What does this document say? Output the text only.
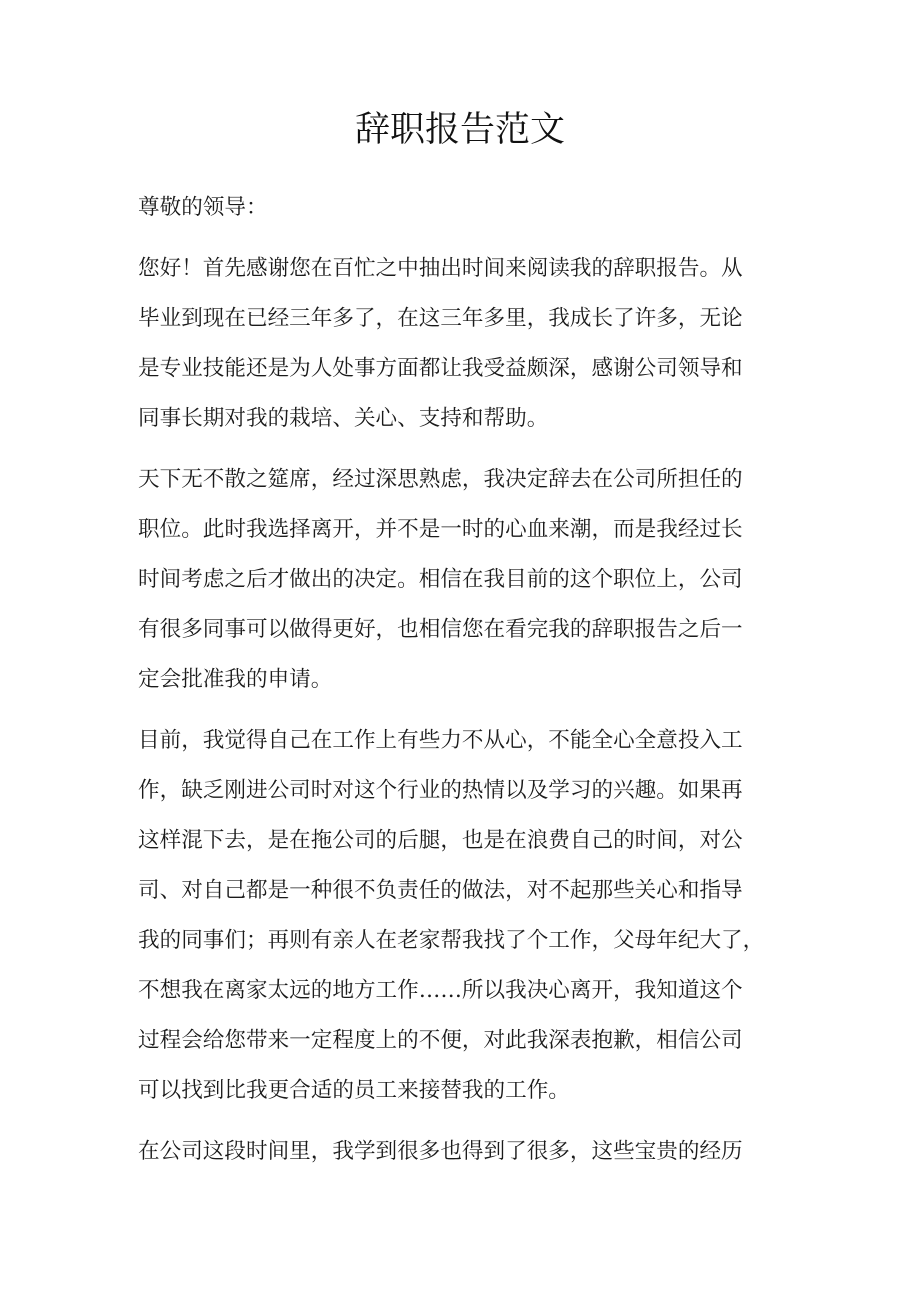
辞职报告范文

尊敬的领导：

您好！首先感谢您在百忙之中抽出时间来阅读我的辞职报告。从
毕业到现在已经三年多了，在这三年多里，我成长了许多，无论
是专业技能还是为人处事方面都让我受益颇深，感谢公司领导和
同事长期对我的栽培、关心、支持和帮助。

天下无不散之筵席，经过深思熟虑，我决定辞去在公司所担任的
职位。此时我选择离开，并不是一时的心血来潮，而是我经过长
时间考虑之后才做出的决定。相信在我目前的这个职位上，公司
有很多同事可以做得更好，也相信您在看完我的辞职报告之后一
定会批准我的申请。

目前，我觉得自己在工作上有些力不从心，不能全心全意投入工
作，缺乏刚进公司时对这个行业的热情以及学习的兴趣。如果再
这样混下去，是在拖公司的后腿，也是在浪费自己的时间，对公
司、对自己都是一种很不负责任的做法，对不起那些关心和指导
我的同事们；再则有亲人在老家帮我找了个工作，父母年纪大了，
不想我在离家太远的地方工作……所以我决心离开，我知道这个
过程会给您带来一定程度上的不便，对此我深表抱歉，相信公司
可以找到比我更合适的员工来接替我的工作。

在公司这段时间里，我学到很多也得到了很多，这些宝贵的经历
